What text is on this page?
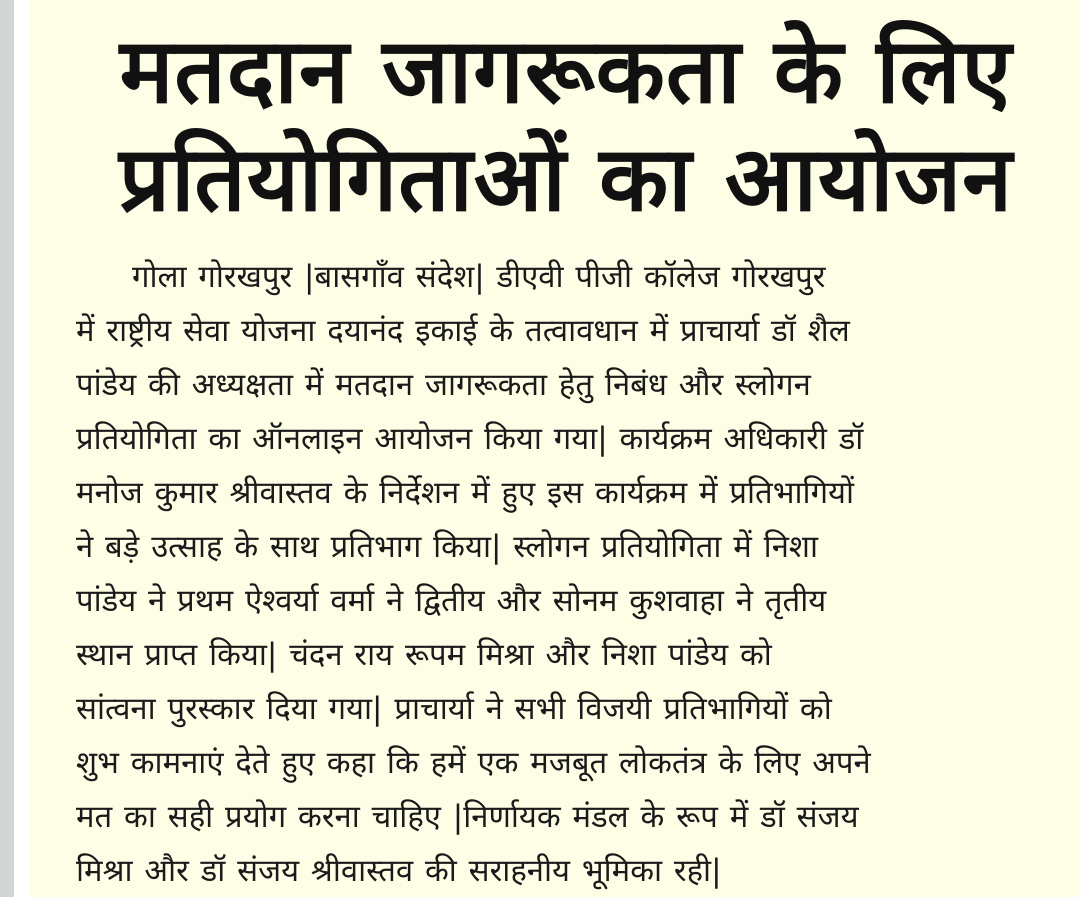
मतदान जागरूकता के लिए
प्रतियोगिताओं का आयोजन
गोला गोरखपुर |बासगाँव संदेश| डीएवी पीजी कॉलेज गोरखपुर
में राष्ट्रीय सेवा योजना दयानंद इकाई के तत्वावधान में प्राचार्या डॉ शैल
पांडेय की अध्यक्षता में मतदान जागरूकता हेतु निबंध और स्लोगन
प्रतियोगिता का ऑनलाइन आयोजन किया गया| कार्यक्रम अधिकारी डॉ
मनोज कुमार श्रीवास्तव के निर्देशन में हुए इस कार्यक्रम में प्रतिभागियों
ने बड़े उत्साह के साथ प्रतिभाग किया| स्लोगन प्रतियोगिता में निशा
पांडेय ने प्रथम ऐश्वर्या वर्मा ने द्वितीय और सोनम कुशवाहा ने तृतीय
स्थान प्राप्त किया| चंदन राय रूपम मिश्रा और निशा पांडेय को
सांत्वना पुरस्कार दिया गया| प्राचार्या ने सभी विजयी प्रतिभागियों को
शुभ कामनाएं देते हुए कहा कि हमें एक मजबूत लोकतंत्र के लिए अपने
मत का सही प्रयोग करना चाहिए |निर्णायक मंडल के रूप में डॉ संजय
मिश्रा और डॉ संजय श्रीवास्तव की सराहनीय भूमिका रही|
